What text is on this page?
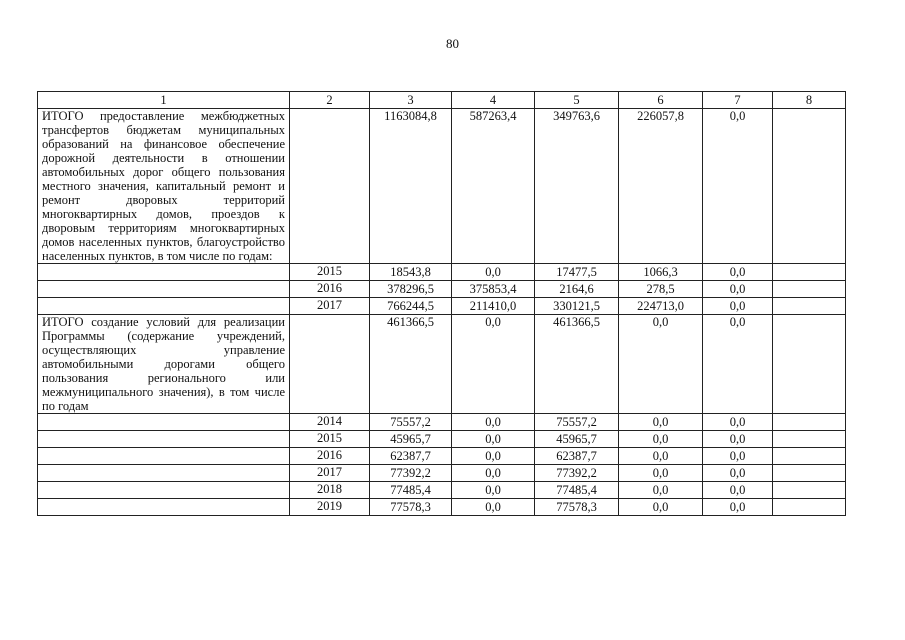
80
1	2	3	4	5	6	7	8
ИТОГО предоставление межбюджетных трансфертов бюджетам муниципальных образований на финансовое обеспечение дорожной деятельности в отношении автомобильных дорог общего пользования местного значения, капитальный ремонт и ремонт дворовых территорий многоквартирных домов, проездов к дворовым территориям многоквартирных домов населенных пунктов, благоустройство населенных пунктов, в том числе по годам:		1163084,8	587263,4	349763,6	226057,8	0,0	
	2015	18543,8	0,0	17477,5	1066,3	0,0	
	2016	378296,5	375853,4	2164,6	278,5	0,0	
	2017	766244,5	211410,0	330121,5	224713,0	0,0	
ИТОГО создание условий для реализации Программы (содержание учреждений, осуществляющих управление автомобильными дорогами общего пользования регионального или межмуниципального значения), в том числе по годам		461366,5	0,0	461366,5	0,0	0,0	
	2014	75557,2	0,0	75557,2	0,0	0,0	
	2015	45965,7	0,0	45965,7	0,0	0,0	
	2016	62387,7	0,0	62387,7	0,0	0,0	
	2017	77392,2	0,0	77392,2	0,0	0,0	
	2018	77485,4	0,0	77485,4	0,0	0,0	
	2019	77578,3	0,0	77578,3	0,0	0,0	
